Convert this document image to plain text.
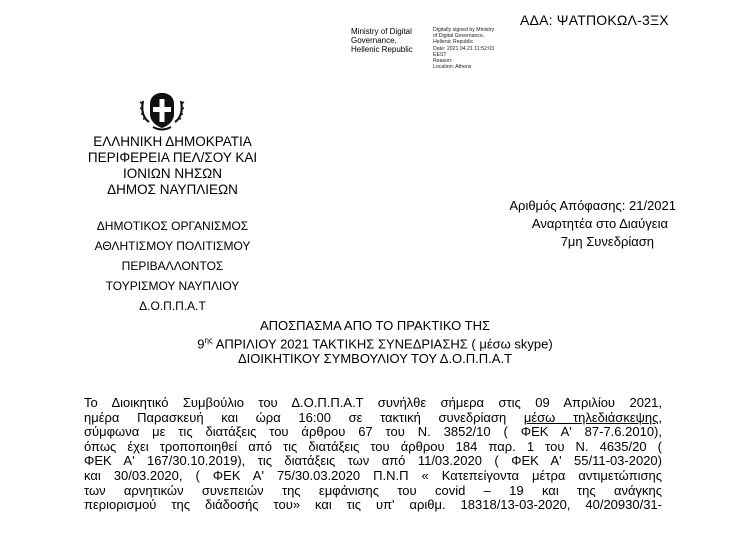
ΑΔΑ: ΨΑΤΠΟΚΩΛ-3ΞΧ
Ministry of Digital
Governance,
Hellenic Republic
Digitally signed by Ministry
of Digital Governance,
Hellenic Republic
Date: 2021.04.21 11:52:03
EEST
Reason:
Location: Athens
ΕΛΛΗΝΙΚΗ ΔΗΜΟΚΡΑΤΙΑ
ΠΕΡΙΦΕΡΕΙΑ ΠΕΛ/ΣΟΥ ΚΑΙ
ΙΟΝΙΩΝ ΝΗΣΩΝ
ΔΗΜΟΣ ΝΑΥΠΛΙΕΩΝ
ΔΗΜΟΤΙΚΟΣ ΟΡΓΑΝΙΣΜΟΣ
ΑΘΛΗΤΙΣΜΟΥ ΠΟΛΙΤΙΣΜΟΥ
ΠΕΡΙΒΑΛΛΟΝΤΟΣ
ΤΟΥΡΙΣΜΟΥ ΝΑΥΠΛΙΟΥ
Δ.Ο.Π.Π.Α.Τ
Αριθμός Απόφασης: 21/2021
Αναρτητέα στο Διαύγεια
7μη Συνεδρίαση
ΑΠΟΣΠΑΣΜΑ ΑΠΟ ΤΟ ΠΡΑΚΤΙΚΟ ΤΗΣ
$9^{\eta\varsigma}$ ΑΠΡΙΛΙΟΥ 2021 ΤΑΚΤΙΚΗΣ ΣΥΝΕΔΡΙΑΣΗΣ ( μέσω skype)
ΔΙΟΙΚΗΤΙΚΟΥ ΣΥΜΒΟΥΛΙΟΥ ΤΟΥ Δ.Ο.Π.Π.Α.Τ
Το Διοικητικό Συμβούλιο του Δ.Ο.Π.Π.Α.Τ συνήλθε σήμερα στις 09 Απριλίου 2021,
ημέρα Παρασκευή και ώρα 16:00 σε τακτική συνεδρίαση μέσω τηλεδιάσκεψης,
σύμφωνα με τις διατάξεις του άρθρου 67 του Ν. 3852/10 ( ΦΕΚ Α' 87-7.6.2010),
όπως έχει τροποποιηθεί από τις διατάξεις του άρθρου 184 παρ. 1 του Ν. 4635/20 (
ΦΕΚ Α' 167/30.10.2019), τις διατάξεις των από 11/03.2020 ( ΦΕΚ Α' 55/11-03-2020)
και 30/03.2020, ( ΦΕΚ Α' 75/30.03.2020 Π.Ν.Π « Κατεπείγοντα μέτρα αντιμετώπισης
των αρνητικών συνεπειών της εμφάνισης του covid – 19 και της ανάγκης
περιορισμού της διάδοσής του» και τις υπ' αριθμ. 18318/13-03-2020, 40/20930/31-
